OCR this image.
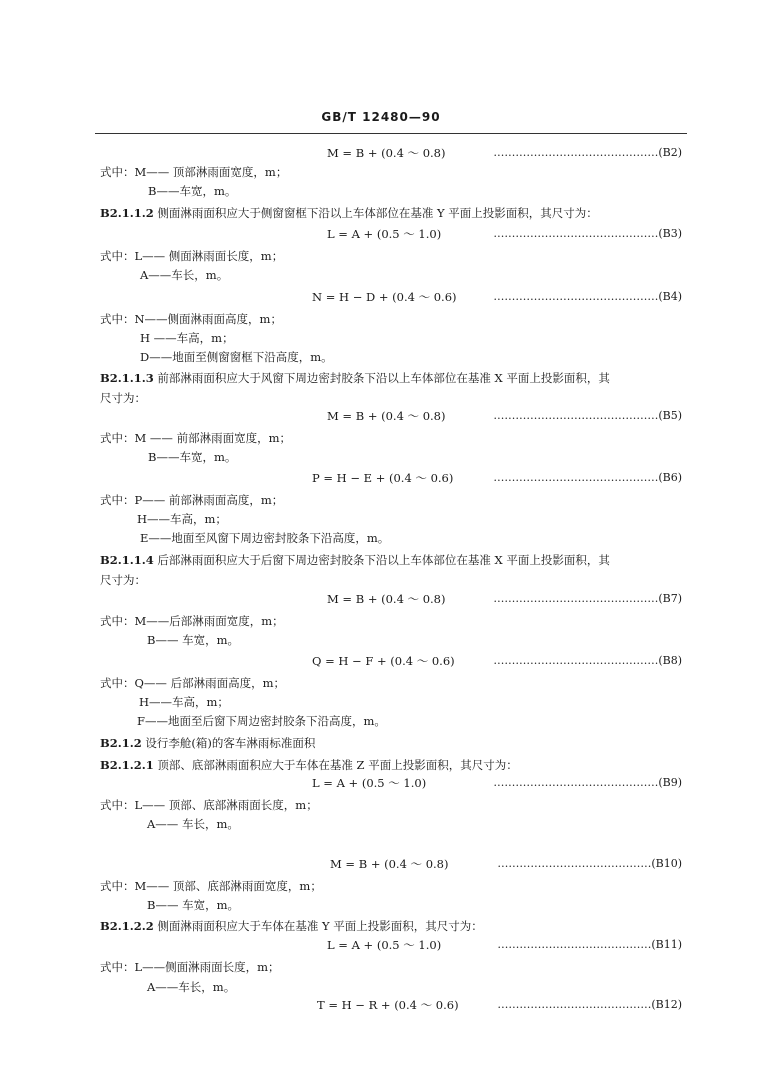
GB/T 12480—90
M = B + (0.4 ～ 0.8)	………………………………………(B2)
式中：M—— 顶部淋雨面宽度，m；
B——车宽，m。
B2.1.1.2 侧面淋雨面积应大于侧窗窗框下沿以上车体部位在基准 Y 平面上投影面积，其尺寸为：
L = A + (0.5 ～ 1.0)	………………………………………(B3)
式中：L—— 侧面淋雨面长度，m；
A——车长，m。
N = H − D + (0.4 ～ 0.6)	………………………………………(B4)
式中：N——侧面淋雨面高度，m；
H ——车高，m；
D——地面至侧窗窗框下沿高度，m。
B2.1.1.3 前部淋雨面积应大于风窗下周边密封胶条下沿以上车体部位在基准 X 平面上投影面积，其
尺寸为：
M = B + (0.4 ～ 0.8)	………………………………………(B5)
式中：M —— 前部淋雨面宽度，m；
B——车宽，m。
P = H − E + (0.4 ～ 0.6)	………………………………………(B6)
式中：P—— 前部淋雨面高度，m；
H——车高，m；
E——地面至风窗下周边密封胶条下沿高度，m。
B2.1.1.4 后部淋雨面积应大于后窗下周边密封胶条下沿以上车体部位在基准 X 平面上投影面积，其
尺寸为：
M = B + (0.4 ～ 0.8)	………………………………………(B7)
式中：M——后部淋雨面宽度，m；
B—— 车宽，m。
Q = H − F + (0.4 ～ 0.6)	………………………………………(B8)
式中：Q—— 后部淋雨面高度，m；
H——车高，m；
F——地面至后窗下周边密封胶条下沿高度，m。
B2.1.2 设行李舱(箱)的客车淋雨标准面积
B2.1.2.1 顶部、底部淋雨面积应大于车体在基准 Z 平面上投影面积，其尺寸为：
L = A + (0.5 ～ 1.0)	………………………………………(B9)
式中：L—— 顶部、底部淋雨面长度，m；
A—— 车长，m。
M = B + (0.4 ～ 0.8)	……………………………………(B10)
式中：M—— 顶部、底部淋雨面宽度，m；
B—— 车宽，m。
B2.1.2.2 侧面淋雨面积应大于车体在基准 Y 平面上投影面积，其尺寸为：
L = A + (0.5 ～ 1.0)	……………………………………(B11)
式中：L——侧面淋雨面长度，m；
A——车长，m。
T = H − R + (0.4 ～ 0.6)	……………………………………(B12)
